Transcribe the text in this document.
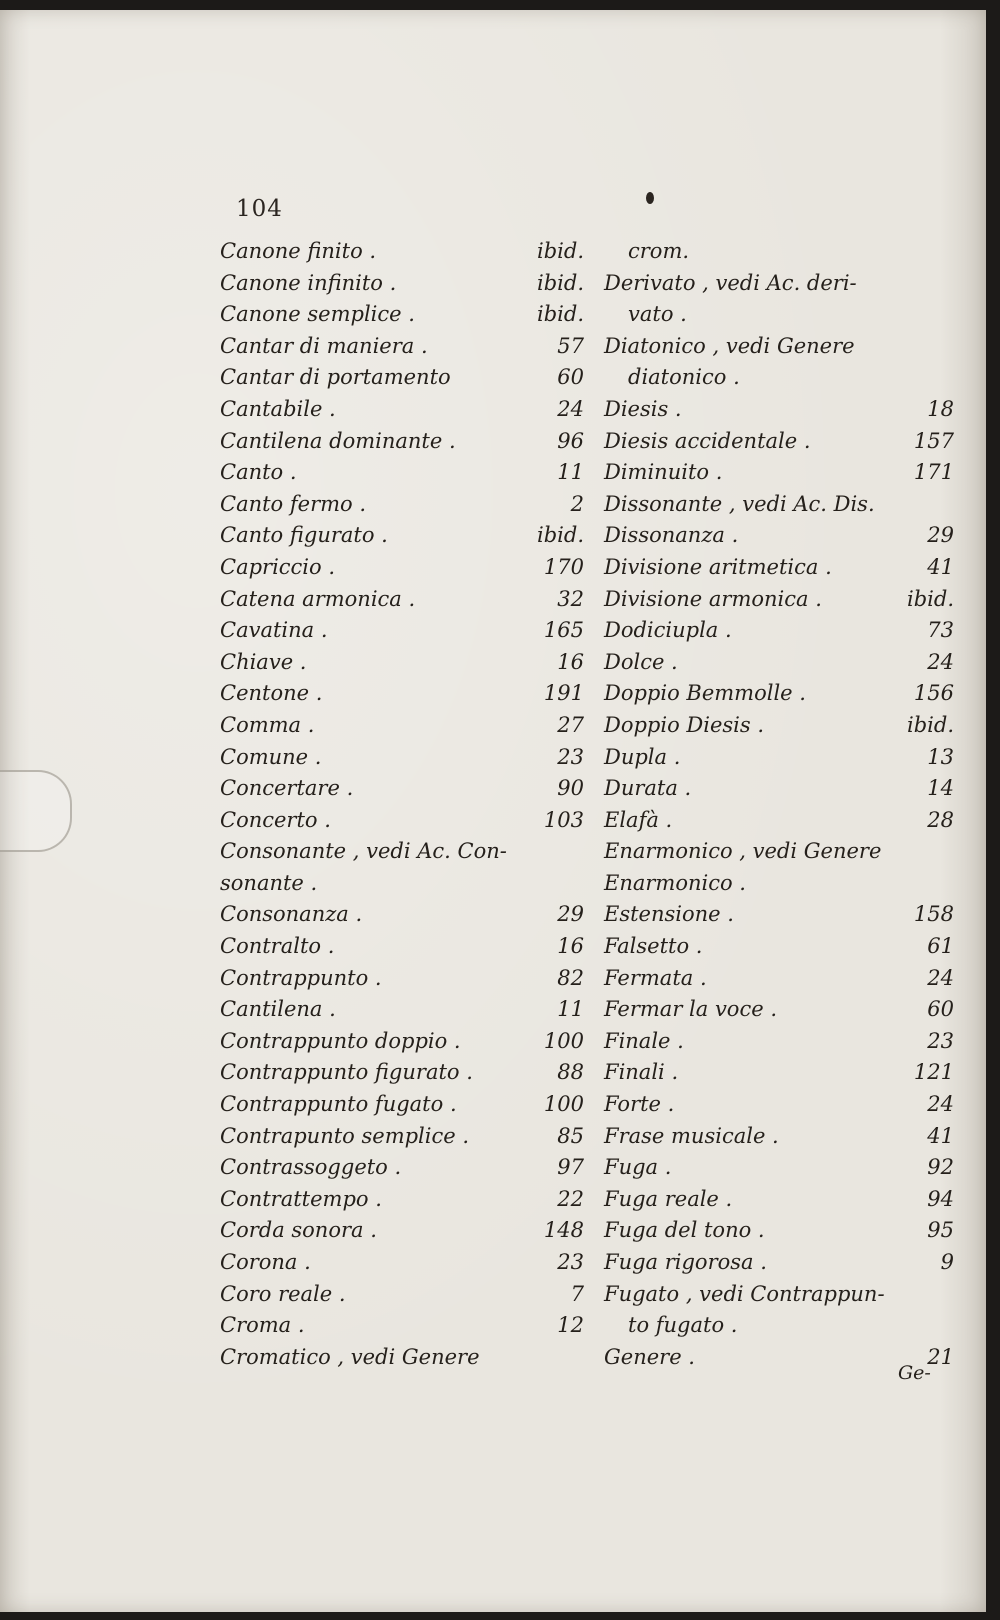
104
Canone finito .	ibid.
Canone infinito .	ibid.
Canone semplice .	ibid.
Cantar di maniera .	57
Cantar di portamento	60
Cantabile .	24
Cantilena dominante .	96
Canto .	11
Canto fermo .	2
Canto figurato .	ibid.
Capriccio .	170
Catena armonica .	32
Cavatina .	165
Chiave .	16
Centone .	191
Comma .	27
Comune .	23
Concertare .	90
Concerto .	103
Consonante , vedi Ac. Con-
sonante .
Consonanza .	29
Contralto .	16
Contrappunto .	82
Cantilena .	11
Contrappunto doppio .	100
Contrappunto figurato .	88
Contrappunto fugato .	100
Contrapunto semplice .	85
Contrassoggeto .	97
Contrattempo .	22
Corda sonora .	148
Corona .	23
Coro reale .	7
Croma .	12
Cromatico , vedi Genere
crom.
Derivato , vedi Ac. deri-
vato .
Diatonico , vedi Genere
diatonico .
Diesis .	18
Diesis accidentale .	157
Diminuito .	171
Dissonante , vedi Ac. Dis.
Dissonanza .	29
Divisione aritmetica .	41
Divisione armonica .	ibid.
Dodiciupla .	73
Dolce .	24
Doppio Bemmolle .	156
Doppio Diesis .	ibid.
Dupla .	13
Durata .	14
Elafà .	28
Enarmonico , vedi Genere
Enarmonico .
Estensione .	158
Falsetto .	61
Fermata .	24
Fermar la voce .	60
Finale .	23
Finali .	121
Forte .	24
Frase musicale .	41
Fuga .	92
Fuga reale .	94
Fuga del tono .	95
Fuga rigorosa .	9
Fugato , vedi Contrappun-
to fugato .
Genere .	21
Ge-
